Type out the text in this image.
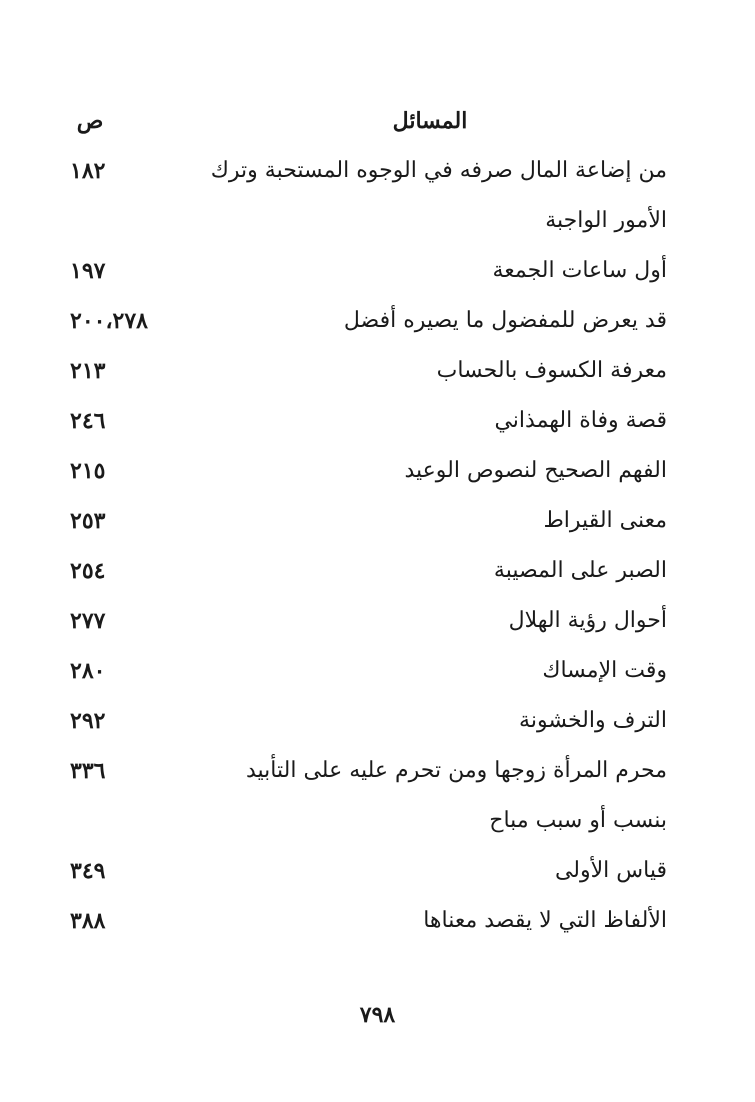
المسائل
ص
من إضاعة المال صرفه في الوجوه المستحبة وترك
١٨٢
الأمور الواجبة
أول ساعات الجمعة
١٩٧
قد يعرض للمفضول ما يصيره أفضل
٢٠٠،٢٧٨
معرفة الكسوف بالحساب
٢١٣
قصة وفاة الهمذاني
٢٤٦
الفهم الصحيح لنصوص الوعيد
٢١٥
معنى القيراط
٢٥٣
الصبر على المصيبة
٢٥٤
أحوال رؤية الهلال
٢٧٧
وقت الإمساك
٢٨٠
الترف والخشونة
٢٩٢
محرم المرأة زوجها ومن تحرم عليه على التأبيد
٣٣٦
بنسب أو سبب مباح
قياس الأولى
٣٤٩
الألفاظ التي لا يقصد معناها
٣٨٨
٧٩٨
